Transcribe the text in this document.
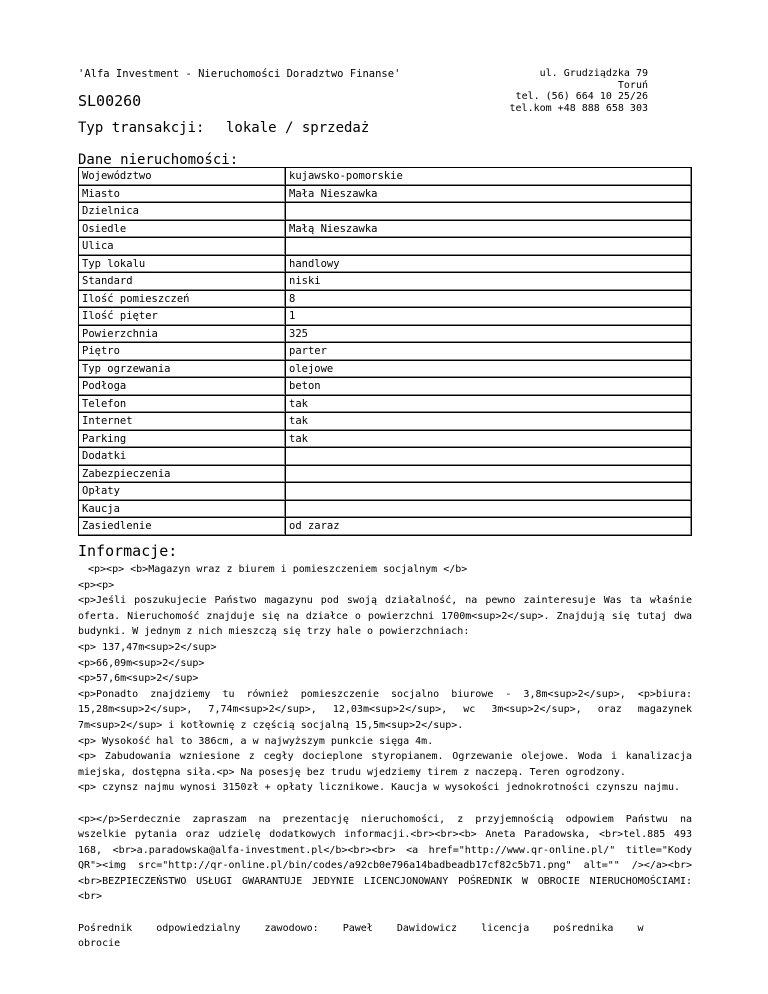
'Alfa Investment - Nieruchomości Doradztwo Finanse'	ul. Grudziądzka 79
Toruń
tel. (56) 664 10 25/26
tel.kom +48 888 658 303
SL00260
Typ transakcji: lokale / sprzedaż
Dane nieruchomości:
Województwo	kujawsko-pomorskie
Miasto	Mała Nieszawka
Dzielnica	
Osiedle	Małą Nieszawka
Ulica	
Typ lokalu	handlowy
Standard	niski
Ilość pomieszczeń	8
Ilość pięter	1
Powierzchnia	325
Piętro	parter
Typ ogrzewania	olejowe
Podłoga	beton
Telefon	tak
Internet	tak
Parking	tak
Dodatki	
Zabezpieczenia	
Opłaty	
Kaucja	
Zasiedlenie	od zaraz
Informacje:

<p><p> <b>Magazyn wraz z biurem i pomieszczeniem socjalnym </b>

<p><p>

<p>Jeśli poszukujecie Państwo magazynu pod swoją działalność, na pewno zainteresuje Was ta właśnie oferta. Nieruchomość znajduje się na działce o powierzchni 1700m<sup>2</sup>. Znajdują się tutaj dwa budynki. W jednym z nich mieszczą się trzy hale o powierzchniach:

<p> 137,47m<sup>2</sup>

<p>66,09m<sup>2</sup>

<p>57,6m<sup>2</sup>

<p>Ponadto znajdziemy tu również pomieszczenie socjalno biurowe - 3,8m<sup>2</sup>, <p>biura: 15,28m<sup>2</sup>, 7,74m<sup>2</sup>, 12,03m<sup>2</sup>, wc 3m<sup>2</sup>, oraz magazynek 7m<sup>2</sup> i kotłownię z częścią socjalną 15,5m<sup>2</sup>.

<p> Wysokość hal to 386cm, a w najwyższym punkcie sięga 4m.

<p> Zabudowania wzniesione z cegły docieplone styropianem. Ogrzewanie olejowe. Woda i kanalizacja miejska, dostępna siła.<p> Na posesję bez trudu wjedziemy tirem z naczepą. Teren ogrodzony.

<p> czynsz najmu wynosi 3150zł + opłaty licznikowe. Kaucja w wysokości jednokrotności czynszu najmu.

<p></p>Serdecznie zapraszam na prezentację nieruchomości, z przyjemnością odpowiem Państwu na wszelkie pytania oraz udzielę dodatkowych informacji.<br><br><b> Aneta Paradowska, <br>tel.885 493 168, <br>a.paradowska@alfa-investment.pl</b><br><br> <a href="http://www.qr-online.pl/" title="Kody QR"><img src="http://qr-online.pl/bin/codes/a92cb0e796a14badbeadb17cf82c5b71.png" alt="" /></a><br><br>BEZPIECZEŃSTWO USŁUGI GWARANTUJE JEDYNIE LICENCJONOWANY POŚREDNIK W OBROCIE NIERUCHOMOŚCIAMI: <br>

Pośrednik odpowiedzialny zawodowo: Paweł Dawidowicz licencja pośrednika w obrocie
